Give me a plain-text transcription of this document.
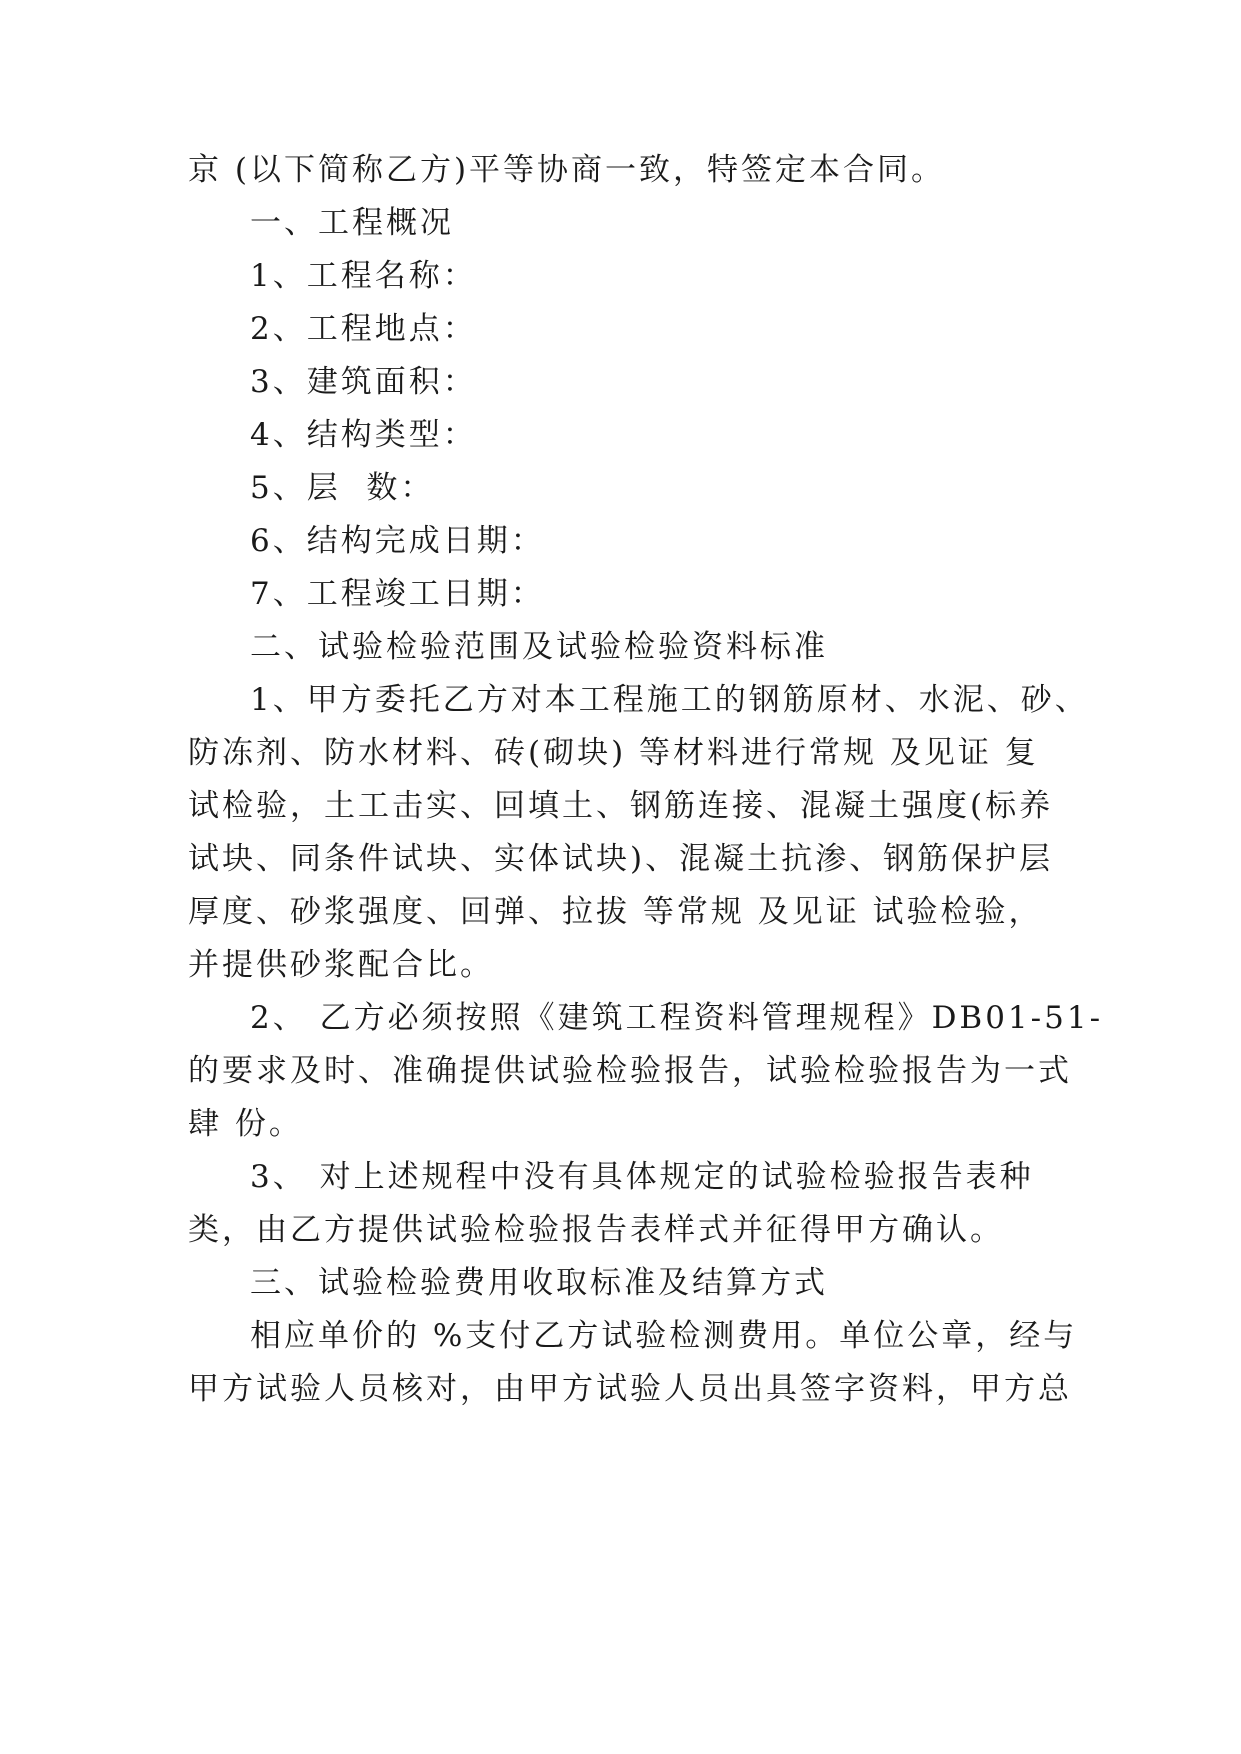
京 (以下简称乙方)平等协商一致，特签定本合同。
一、工程概况
1、工程名称：
2、工程地点：
3、建筑面积：
4、结构类型：
5、层  数：
6、结构完成日期：
7、工程竣工日期：
二、试验检验范围及试验检验资料标准
1、甲方委托乙方对本工程施工的钢筋原材、水泥、砂、
防冻剂、防水材料、砖(砌块) 等材料进行常规 及见证 复
试检验，土工击实、回填土、钢筋连接、混凝土强度(标养
试块、同条件试块、实体试块)、混凝土抗渗、钢筋保护层
厚度、砂浆强度、回弹、拉拔 等常规 及见证 试验检验，
并提供砂浆配合比。
2、 乙方必须按照《建筑工程资料管理规程》DB01-51-
的要求及时、准确提供试验检验报告，试验检验报告为一式
肆 份。
3、 对上述规程中没有具体规定的试验检验报告表种
类，由乙方提供试验检验报告表样式并征得甲方确认。
三、试验检验费用收取标准及结算方式
相应单价的 %支付乙方试验检测费用。单位公章，经与
甲方试验人员核对，由甲方试验人员出具签字资料，甲方总
